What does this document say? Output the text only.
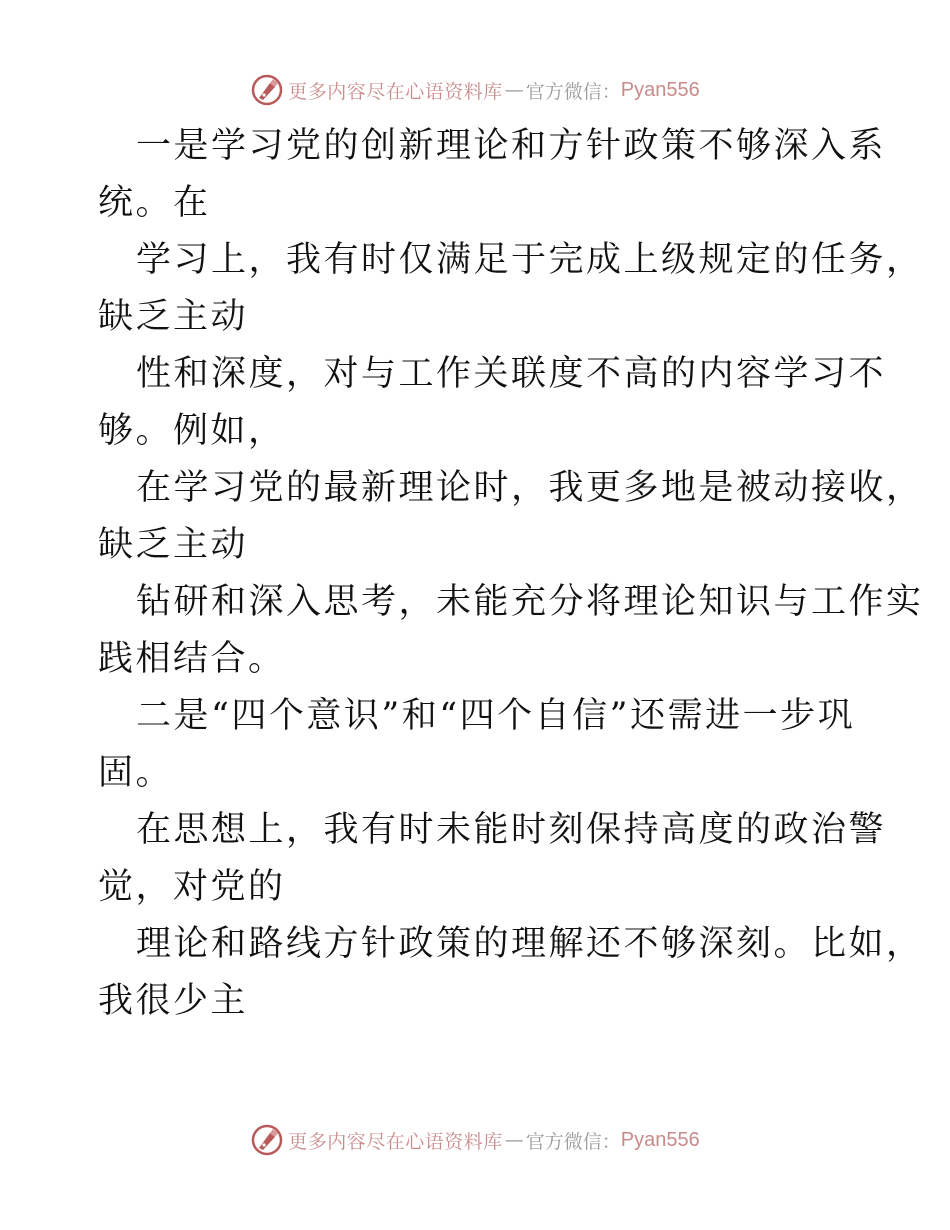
更多内容尽在心语资料库 — 官方微信： Pyan556
一是学习党的创新理论和方针政策不够深入系
统。在
学习上，我有时仅满足于完成上级规定的任务，
缺乏主动
性和深度，对与工作关联度不高的内容学习不
够。例如，
在学习党的最新理论时，我更多地是被动接收，
缺乏主动
钻研和深入思考，未能充分将理论知识与工作实
践相结合。
二是“四个意识”和“四个自信”还需进一步巩
固。
在思想上，我有时未能时刻保持高度的政治警
觉，对党的
理论和路线方针政策的理解还不够深刻。比如，
我很少主
更多内容尽在心语资料库 — 官方微信： Pyan556
